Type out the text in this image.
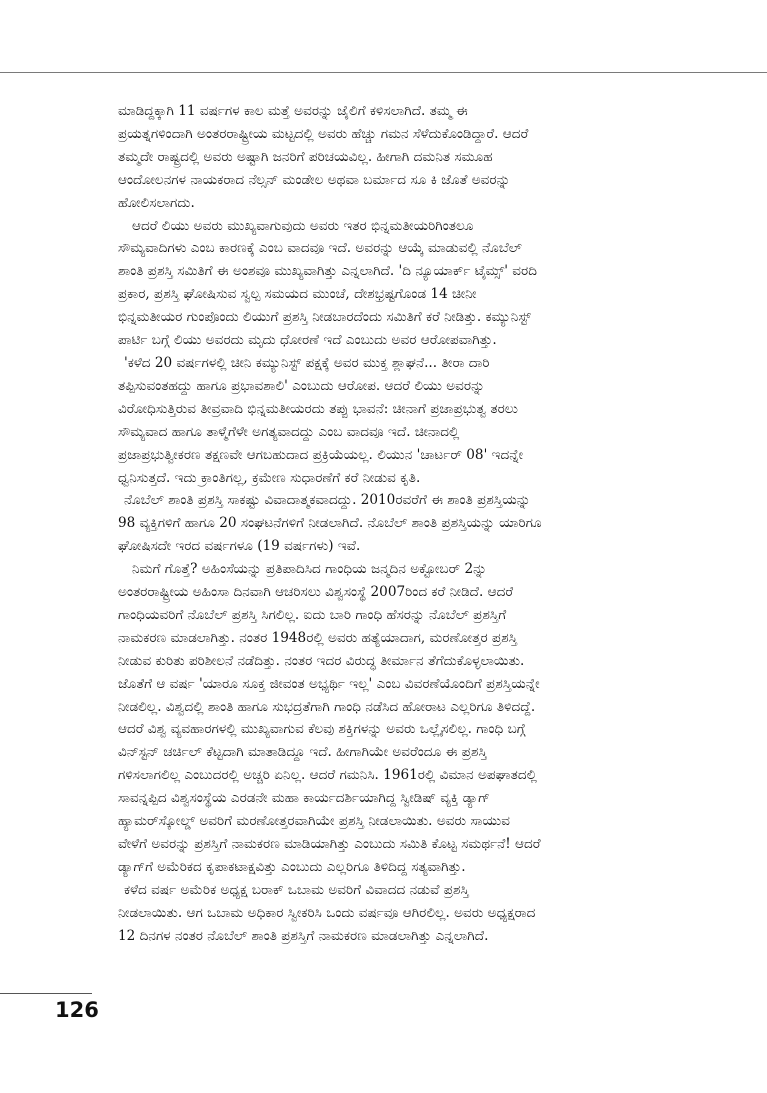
ಮಾಡಿದ್ದಕ್ಕಾಗಿ 11 ವರ್ಷಗಳ ಕಾಲ ಮತ್ತೆ ಅವರನ್ನು ಜೈಲಿಗೆ ಕಳಿಸಲಾಗಿದೆ. ತಮ್ಮ ಈ
ಪ್ರಯತ್ನಗಳಿಂದಾಗಿ ಅಂತರರಾಷ್ಟ್ರೀಯ ಮಟ್ಟದಲ್ಲಿ ಅವರು ಹೆಚ್ಚು ಗಮನ ಸೆಳೆದುಕೊಂಡಿದ್ದಾರೆ. ಆದರೆ
ತಮ್ಮದೇ ರಾಷ್ಟ್ರದಲ್ಲಿ ಅವರು ಅಷ್ಟಾಗಿ ಜನರಿಗೆ ಪರಿಚಯವಿಲ್ಲ. ಹೀಗಾಗಿ ದಮನಿತ ಸಮೂಹ
ಆಂದೋಲನಗಳ ನಾಯಕರಾದ ನೆಲ್ಸನ್ ಮಂಡೇಲ ಅಥವಾ ಬರ್ಮಾದ ಸೂ ಕಿ ಜೊತೆ ಅವರನ್ನು
ಹೋಲಿಸಲಾಗದು.

ಆದರೆ ಲಿಯು ಅವರು ಮುಖ್ಯವಾಗುವುದು ಅವರು ಇತರ ಭಿನ್ನಮತೀಯರಿಗಿಂತಲೂ
ಸೌಮ್ಯವಾದಿಗಳು ಎಂಬ ಕಾರಣಕ್ಕೆ ಎಂಬ ವಾದವೂ ಇದೆ. ಅವರನ್ನು ಆಯ್ಕೆ ಮಾಡುವಲ್ಲಿ ನೊಬೆಲ್
ಶಾಂತಿ ಪ್ರಶಸ್ತಿ ಸಮಿತಿಗೆ ಈ ಅಂಶವೂ ಮುಖ್ಯವಾಗಿತ್ತು ಎನ್ನಲಾಗಿದೆ. 'ದಿ ನ್ಯೂಯಾರ್ಕ್ ಟೈಮ್ಸ್' ವರದಿ
ಪ್ರಕಾರ, ಪ್ರಶಸ್ತಿ ಘೋಷಿಸುವ ಸ್ವಲ್ಪ ಸಮಯದ ಮುಂಚೆ, ದೇಶಭ್ರಷ್ಟಗೊಂಡ 14 ಚೀನೀ
ಭಿನ್ನಮತೀಯರ ಗುಂಪೊಂದು ಲಿಯುಗೆ ಪ್ರಶಸ್ತಿ ನೀಡಬಾರದೆಂದು ಸಮಿತಿಗೆ ಕರೆ ನೀಡಿತ್ತು. ಕಮ್ಯುನಿಸ್ಟ್
ಪಾರ್ಟಿ ಬಗ್ಗೆ ಲಿಯು ಅವರದು ಮೃದು ಧೋರಣೆ ಇದೆ ಎಂಬುದು ಅವರ ಆರೋಪವಾಗಿತ್ತು.

'ಕಳೆದ 20 ವರ್ಷಗಳಲ್ಲಿ ಚೀನಿ ಕಮ್ಯುನಿಸ್ಟ್ ಪಕ್ಷಕ್ಕೆ ಅವರ ಮುಕ್ತ ಶ್ಲಾಘನೆ... ತೀರಾ ದಾರಿ
ತಪ್ಪಿಸುವಂತಹದ್ದು ಹಾಗೂ ಪ್ರಭಾವಶಾಲಿ' ಎಂಬುದು ಆರೋಪ. ಆದರೆ ಲಿಯು ಅವರನ್ನು
ವಿರೋಧಿಸುತ್ತಿರುವ ತೀವ್ರವಾದಿ ಭಿನ್ನಮತೀಯರದು ತಪ್ಪು ಭಾವನೆ: ಚೀನಾಗೆ ಪ್ರಜಾಪ್ರಭುತ್ವ ತರಲು
ಸೌಮ್ಯವಾದ ಹಾಗೂ ತಾಳ್ಮೆಗೆಳೇ ಅಗತ್ಯವಾದದ್ದು ಎಂಬ ವಾದವೂ ಇದೆ. ಚೀನಾದಲ್ಲಿ
ಪ್ರಜಾಪ್ರಭುತ್ವೀಕರಣ ತಕ್ಷಣವೇ ಆಗಬಹುದಾದ ಪ್ರಕ್ರಿಯೆಯಲ್ಲ. ಲಿಯುನ 'ಚಾರ್ಟರ್ 08' ಇದನ್ನೇ
ಧ್ವನಿಸುತ್ತದೆ. ಇದು ಕ್ರಾಂತಿಗಲ್ಲ, ಕ್ರಮೇಣ ಸುಧಾರಣೆಗೆ ಕರೆ ನೀಡುವ ಕೃತಿ.

ನೊಬೆಲ್ ಶಾಂತಿ ಪ್ರಶಸ್ತಿ ಸಾಕಷ್ಟು ವಿವಾದಾತ್ಮಕವಾದದ್ದು. 2010ರವರೆಗೆ ಈ ಶಾಂತಿ ಪ್ರಶಸ್ತಿಯನ್ನು
98 ವ್ಯಕ್ತಿಗಳಿಗೆ ಹಾಗೂ 20 ಸಂಘಟನೆಗಳಿಗೆ ನೀಡಲಾಗಿದೆ. ನೊಬೆಲ್ ಶಾಂತಿ ಪ್ರಶಸ್ತಿಯನ್ನು ಯಾರಿಗೂ
ಘೋಷಿಸದೇ ಇರದ ವರ್ಷಗಳೂ (19 ವರ್ಷಗಳು) ಇವೆ.

ನಿಮಗೆ ಗೊತ್ತೆ? ಅಹಿಂಸೆಯನ್ನು ಪ್ರತಿಪಾದಿಸಿದ ಗಾಂಧಿಯ ಜನ್ಮದಿನ ಅಕ್ಟೋಬರ್ 2ನ್ನು
ಅಂತರರಾಷ್ಟ್ರೀಯ ಅಹಿಂಸಾ ದಿನವಾಗಿ ಆಚರಿಸಲು ವಿಶ್ವಸಂಸ್ಥೆ 2007ರಿಂದ ಕರೆ ನೀಡಿದೆ. ಆದರೆ
ಗಾಂಧಿಯವರಿಗೆ ನೊಬೆಲ್ ಪ್ರಶಸ್ತಿ ಸಿಗಲಿಲ್ಲ. ಐದು ಬಾರಿ ಗಾಂಧಿ ಹೆಸರನ್ನು ನೊಬೆಲ್ ಪ್ರಶಸ್ತಿಗೆ
ನಾಮಕರಣ ಮಾಡಲಾಗಿತ್ತು. ನಂತರ 1948ರಲ್ಲಿ ಅವರು ಹತ್ಯೆಯಾದಾಗ, ಮರಣೋತ್ತರ ಪ್ರಶಸ್ತಿ
ನೀಡುವ ಕುರಿತು ಪರಿಶೀಲನೆ ನಡೆದಿತ್ತು. ನಂತರ ಇದರ ವಿರುದ್ಧ ತೀರ್ಮಾನ ತೆಗೆದುಕೊಳ್ಳಲಾಯಿತು.
ಜೊತೆಗೆ ಆ ವರ್ಷ 'ಯಾರೂ ಸೂಕ್ತ ಜೀವಂತ ಅಭ್ಯರ್ಥಿ ಇಲ್ಲ' ಎಂಬ ವಿವರಣೆಯೊಂದಿಗೆ ಪ್ರಶಸ್ತಿಯನ್ನೇ
ನೀಡಲಿಲ್ಲ. ವಿಶ್ವದಲ್ಲಿ ಶಾಂತಿ ಹಾಗೂ ಸುಭದ್ರತೆಗಾಗಿ ಗಾಂಧಿ ನಡೆಸಿದ ಹೋರಾಟ ಎಲ್ಲರಿಗೂ ತಿಳಿದದ್ದೆ.
ಆದರೆ ವಿಶ್ವ ವ್ಯವಹಾರಗಳಲ್ಲಿ ಮುಖ್ಯವಾಗುವ ಕೆಲವು ಶಕ್ತಿಗಳನ್ನು ಅವರು ಒಲ್ಲೈಸಲಿಲ್ಲ. ಗಾಂಧಿ ಬಗ್ಗೆ
ವಿನ್‌ಸ್ಟನ್ ಚರ್ಚಿಲ್ ಕೆಟ್ಟದಾಗಿ ಮಾತಾಡಿದ್ದೂ ಇದೆ. ಹೀಗಾಗಿಯೇ ಅವರೆಂದೂ ಈ ಪ್ರಶಸ್ತಿ
ಗಳಿಸಲಾಗಲಿಲ್ಲ ಎಂಬುದರಲ್ಲಿ ಅಚ್ಚರಿ ಏನಿಲ್ಲ. ಆದರೆ ಗಮನಿಸಿ. 1961ರಲ್ಲಿ ವಿಮಾನ ಅಪಘಾತದಲ್ಲಿ
ಸಾವನ್ನಪ್ಪಿದ ವಿಶ್ವಸಂಸ್ಥೆಯ ಎರಡನೇ ಮಹಾ ಕಾರ್ಯದರ್ಶಿಯಾಗಿದ್ದ ಸ್ವೀಡಿಷ್ ವ್ಯಕ್ತಿ ಡ್ಯಾಗ್
ಹ್ಯಾಮರ್‌ಸ್ಕೋಲ್ಡ್ ಅವರಿಗೆ ಮರಣೋತ್ತರವಾಗಿಯೇ ಪ್ರಶಸ್ತಿ ನೀಡಲಾಯಿತು. ಅವರು ಸಾಯುವ
ವೇಳೆಗೆ ಅವರನ್ನು ಪ್ರಶಸ್ತಿಗೆ ನಾಮಕರಣ ಮಾಡಿಯಾಗಿತ್ತು ಎಂಬುದು ಸಮಿತಿ ಕೊಟ್ಟ ಸಮರ್ಥನೆ! ಆದರೆ
ಡ್ಯಾಗ್‌ಗೆ ಅಮೆರಿಕದ ಕೃಪಾಕಟಾಕ್ಷವಿತ್ತು ಎಂಬುದು ಎಲ್ಲರಿಗೂ ತಿಳಿದಿದ್ದ ಸತ್ಯವಾಗಿತ್ತು.

ಕಳೆದ ವರ್ಷ ಅಮೆರಿಕ ಅಧ್ಯಕ್ಷ ಬರಾಕ್ ಒಬಾಮ ಅವರಿಗೆ ವಿವಾದದ ನಡುವೆ ಪ್ರಶಸ್ತಿ
ನೀಡಲಾಯಿತು. ಆಗ ಒಬಾಮ ಅಧಿಕಾರ ಸ್ವೀಕರಿಸಿ ಒಂದು ವರ್ಷವೂ ಆಗಿರಲಿಲ್ಲ. ಅವರು ಅಧ್ಯಕ್ಷರಾದ
12 ದಿನಗಳ ನಂತರ ನೊಬೆಲ್ ಶಾಂತಿ ಪ್ರಶಸ್ತಿಗೆ ನಾಮಕರಣ ಮಾಡಲಾಗಿತ್ತು ಎನ್ನಲಾಗಿದೆ.

126
